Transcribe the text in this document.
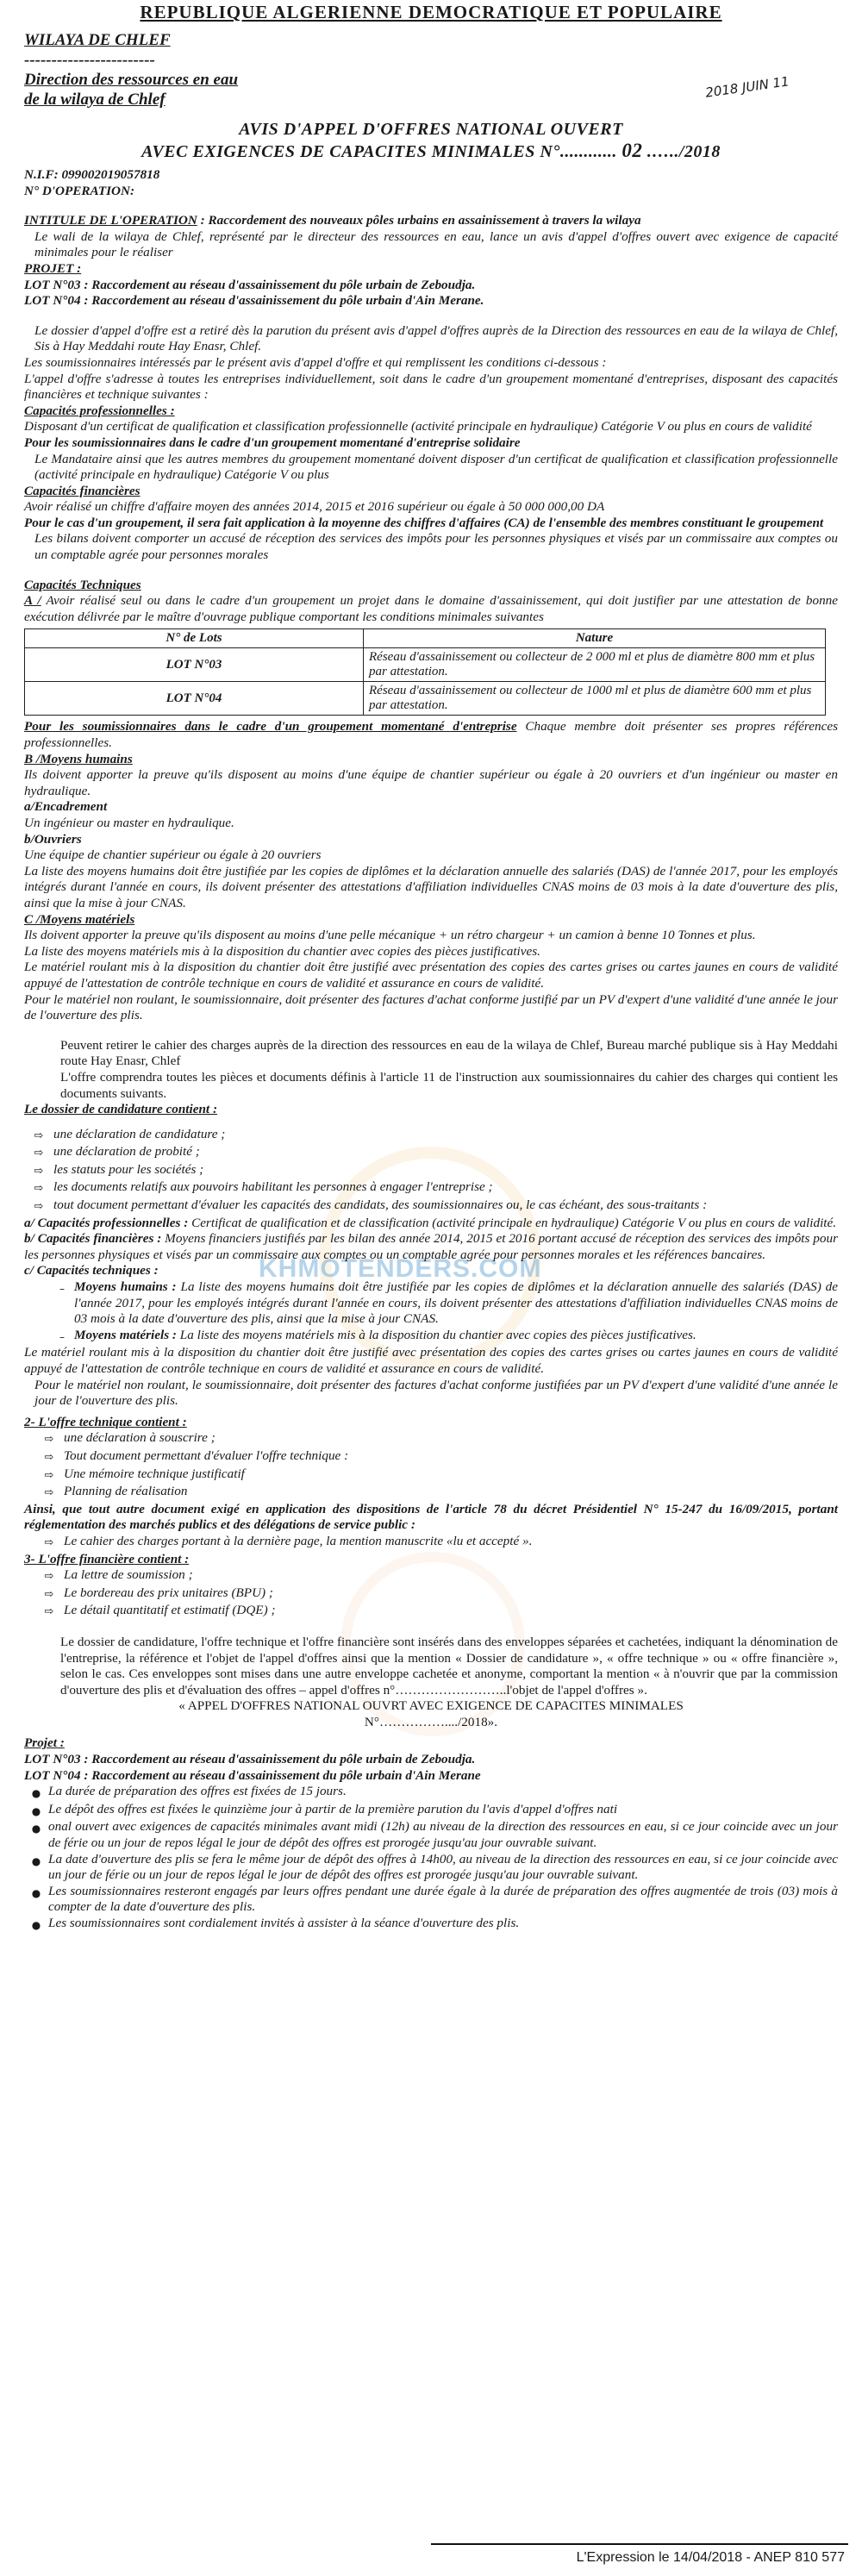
KHMOTENDERS.COM
REPUBLIQUE ALGERIENNE DEMOCRATIQUE ET POPULAIRE
WILAYA DE CHLEF
------------------------
Direction des ressources en eau
de la wilaya de Chlef	2018 JUIN 11
AVIS D'APPEL D'OFFRES NATIONAL OUVERT
AVEC EXIGENCES DE CAPACITES MINIMALES N°............ 02 .…../2018
N.I.F: 099002019057818
N° D'OPERATION:
INTITULE DE L'OPERATION : Raccordement des nouveaux pôles urbains en assainissement à travers la wilaya
Le wali de la wilaya de Chlef, représenté par le directeur des ressources en eau, lance un avis d'appel d'offres ouvert avec exigence de capacité minimales pour le réaliser
PROJET :
LOT N°03 : Raccordement au réseau d'assainissement du pôle urbain de Zeboudja.
LOT N°04 : Raccordement au réseau d'assainissement du pôle urbain d'Ain Merane.
Le dossier d'appel d'offre est a retiré dès la parution du présent avis d'appel d'offres auprès de la Direction des ressources en eau de la wilaya de Chlef, Sis à Hay Meddahi route Hay Enasr, Chlef.
Les soumissionnaires intéressés par le présent avis d'appel d'offre et qui remplissent les conditions ci-dessous :
L'appel d'offre s'adresse à toutes les entreprises individuellement, soit dans le cadre d'un groupement momentané d'entreprises, disposant des capacités financières et technique suivantes :
Capacités professionnelles :
Disposant d'un certificat de qualification et classification professionnelle (activité principale en hydraulique) Catégorie V ou plus en cours de validité
Pour les soumissionnaires dans le cadre d'un groupement momentané d'entreprise solidaire
Le Mandataire ainsi que les autres membres du groupement momentané doivent disposer d'un certificat de qualification et classification professionnelle (activité principale en hydraulique) Catégorie V ou plus
Capacités financières
Avoir réalisé un chiffre d'affaire moyen des années 2014, 2015 et 2016 supérieur ou égale à 50 000 000,00 DA
Pour le cas d'un groupement, il sera fait application à la moyenne des chiffres d'affaires (CA) de l'ensemble des membres constituant le groupement
Les bilans doivent comporter un accusé de réception des services des impôts pour les personnes physiques et visés par un commissaire aux comptes ou un comptable agrée pour personnes morales
Capacités Techniques
A / Avoir réalisé seul ou dans le cadre d'un groupement un projet dans le domaine d'assainissement, qui doit justifier par une attestation de bonne exécution délivrée par le maître d'ouvrage publique comportant les conditions minimales suivantes
N° de Lots	Nature
LOT N°03	Réseau d'assainissement ou collecteur de 2 000 ml et plus de diamètre 800 mm et plus par attestation.
LOT N°04	Réseau d'assainissement ou collecteur de 1000 ml et plus de diamètre 600 mm et plus par attestation.
Pour les soumissionnaires dans le cadre d'un groupement momentané d'entreprise Chaque membre doit présenter ses propres références professionnelles.
B /Moyens humains
Ils doivent apporter la preuve qu'ils disposent au moins d'une équipe de chantier supérieur ou égale à 20 ouvriers et d'un ingénieur ou master en hydraulique.
a/Encadrement
Un ingénieur ou master en hydraulique.
b/Ouvriers
Une équipe de chantier supérieur ou égale à 20 ouvriers
La liste des moyens humains doit être justifiée par les copies de diplômes et la déclaration annuelle des salariés (DAS) de l'année 2017, pour les employés intégrés durant l'année en cours, ils doivent présenter des attestations d'affiliation individuelles CNAS moins de 03 mois à la date d'ouverture des plis, ainsi que la mise à jour CNAS.
C /Moyens matériels
Ils doivent apporter la preuve qu'ils disposent au moins d'une pelle mécanique + un rétro chargeur + un camion à benne 10 Tonnes et plus.
La liste des moyens matériels mis à la disposition du chantier avec copies des pièces justificatives.
Le matériel roulant mis à la disposition du chantier doit être justifié avec présentation des copies des cartes grises ou cartes jaunes en cours de validité appuyé de l'attestation de contrôle technique en cours de validité et assurance en cours de validité.
Pour le matériel non roulant, le soumissionnaire, doit présenter des factures d'achat conforme justifié par un PV d'expert d'une validité d'une année le jour de l'ouverture des plis.
Peuvent retirer le cahier des charges auprès de la direction des ressources en eau de la wilaya de Chlef, Bureau marché publique sis à Hay Meddahi route Hay Enasr, Chlef
L'offre comprendra toutes les pièces et documents définis à l'article 11 de l'instruction aux soumissionnaires du cahier des charges qui contient les documents suivants.
Le dossier de candidature contient :
⇨ une déclaration de candidature ;
⇨ une déclaration de probité ;
⇨ les statuts pour les sociétés ;
⇨ les documents relatifs aux pouvoirs habilitant les personnes à engager l'entreprise ;
⇨ tout document permettant d'évaluer les capacités des candidats, des soumissionnaires ou, le cas échéant, des sous-traitants :
a/ Capacités professionnelles : Certificat de qualification et de classification (activité principale en hydraulique) Catégorie V ou plus en cours de validité.
b/ Capacités financières : Moyens financiers justifiés par les bilan des année 2014, 2015 et 2016 portant accusé de réception des services des impôts pour les personnes physiques et visés par un commissaire aux comptes ou un comptable agrée pour personnes morales et les références bancaires.
c/ Capacités techniques :
– Moyens humains : La liste des moyens humains doit être justifiée par les copies de diplômes et la déclaration annuelle des salariés (DAS) de l'année 2017, pour les employés intégrés durant l'année en cours, ils doivent présenter des attestations d'affiliation individuelles CNAS moins de 03 mois à la date d'ouverture des plis, ainsi que la mise à jour CNAS.
– Moyens matériels : La liste des moyens matériels mis à la disposition du chantier avec copies des pièces justificatives.
Le matériel roulant mis à la disposition du chantier doit être justifié avec présentation des copies des cartes grises ou cartes jaunes en cours de validité appuyé de l'attestation de contrôle technique en cours de validité et assurance en cours de validité.
Pour le matériel non roulant, le soumissionnaire, doit présenter des factures d'achat conforme justifiées par un PV d'expert d'une validité d'une année le jour de l'ouverture des plis.
2- L'offre technique contient :
⇨ une déclaration à souscrire ;
⇨ Tout document permettant d'évaluer l'offre technique :
⇨ Une mémoire technique justificatif
⇨ Planning de réalisation
Ainsi, que tout autre document exigé en application des dispositions de l'article 78 du décret Présidentiel N° 15-247 du 16/09/2015, portant réglementation des marchés publics et des délégations de service public :
⇨ Le cahier des charges portant à la dernière page, la mention manuscrite «lu et accepté ».
3- L'offre financière contient :
⇨ La lettre de soumission ;
⇨ Le bordereau des prix unitaires (BPU) ;
⇨ Le détail quantitatif et estimatif (DQE) ;
Le dossier de candidature, l'offre technique et l'offre financière sont insérés dans des enveloppes séparées et cachetées, indiquant la dénomination de l'entreprise, la référence et l'objet de l'appel d'offres ainsi que la mention « Dossier de candidature », « offre technique » ou « offre financière », selon le cas. Ces enveloppes sont mises dans une autre enveloppe cachetée et anonyme, comportant la mention « à n'ouvrir que par la commission d'ouverture des plis et d'évaluation des offres – appel d'offres n°……………………..l'objet de l'appel d'offres ».
« APPEL D'OFFRES NATIONAL OUVRT AVEC EXIGENCE DE CAPACITES MINIMALES
N°……………..../2018».
Projet :
LOT N°03 : Raccordement au réseau d'assainissement du pôle urbain de Zeboudja.
LOT N°04 : Raccordement au réseau d'assainissement du pôle urbain d'Ain Merane
● La durée de préparation des offres est fixées de 15 jours.
● Le dépôt des offres est fixées le quinzième jour à partir de la première parution du l'avis d'appel d'offres nati
● onal ouvert avec exigences de capacités minimales avant midi (12h) au niveau de la direction des ressources en eau, si ce jour coincide avec un jour de férie ou un jour de repos légal le jour de dépôt des offres est prorogée jusqu'au jour ouvrable suivant.
● La date d'ouverture des plis se fera le même jour de dépôt des offres à 14h00, au niveau de la direction des ressources en eau, si ce jour coincide avec un jour de férie ou un jour de repos légal le jour de dépôt des offres est prorogée jusqu'au jour ouvrable suivant.
● Les soumissionnaires resteront engagés par leurs offres pendant une durée égale à la durée de préparation des offres augmentée de trois (03) mois à compter de la date d'ouverture des plis.
● Les soumissionnaires sont cordialement invités à assister à la séance d'ouverture des plis.
L'Expression le 14/04/2018 - ANEP 810 577
